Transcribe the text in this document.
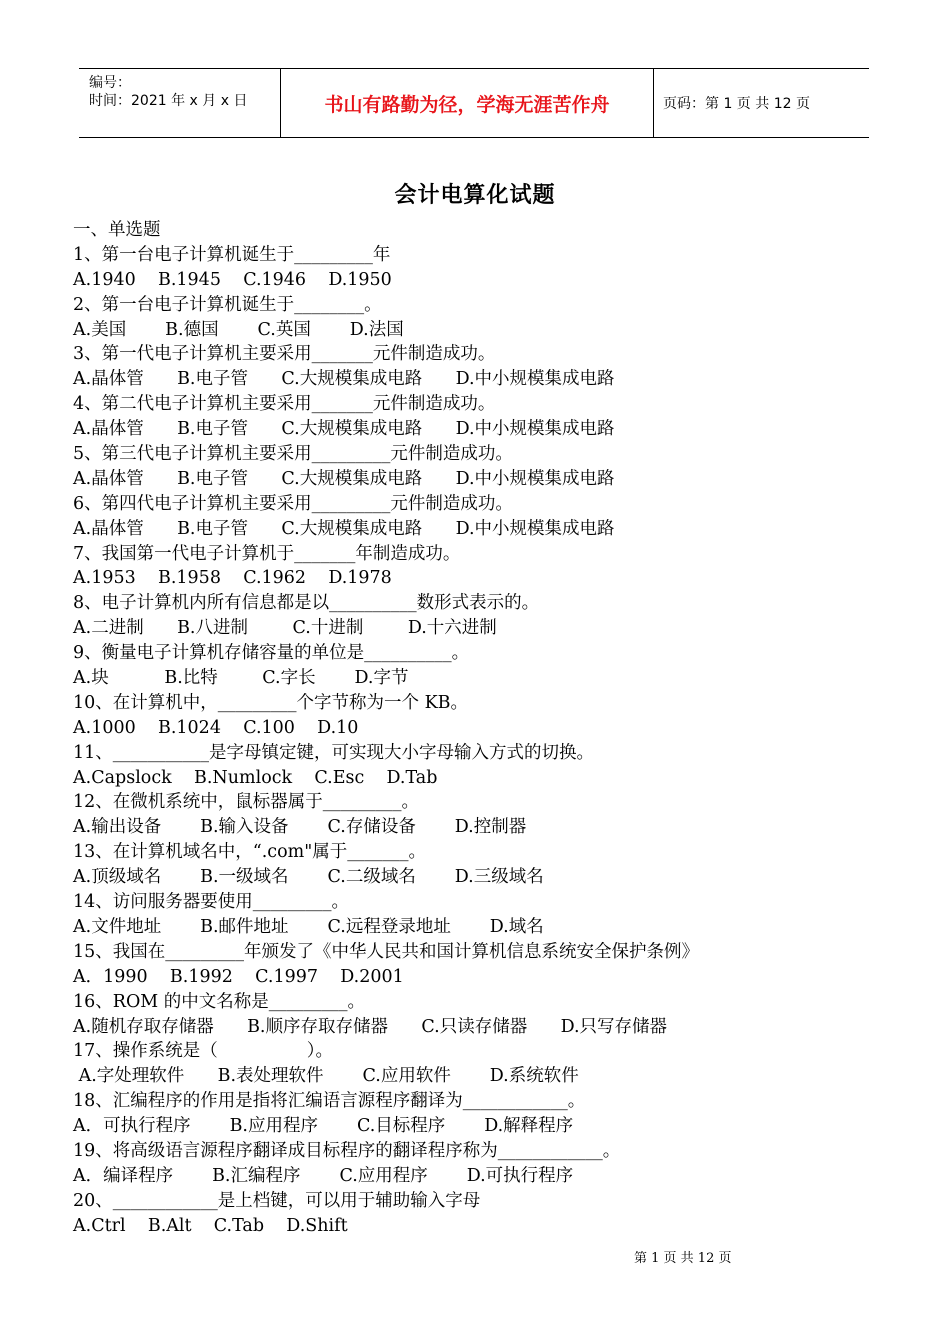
编号：
时间：2021 年 x 月 x 日	书山有路勤为径，学海无涯苦作舟	页码：第 1 页 共 12 页
会计电算化试题
一、单选题
1、第一台电子计算机诞生于_________年
A.1940    B.1945    C.1946    D.1950
2、第一台电子计算机诞生于________。
A.美国       B.德国       C.英国       D.法国
3、第一代电子计算机主要采用_______元件制造成功。
A.晶体管      B.电子管      C.大规模集成电路      D.中小规模集成电路
4、第二代电子计算机主要采用_______元件制造成功。
A.晶体管      B.电子管      C.大规模集成电路      D.中小规模集成电路
5、第三代电子计算机主要采用_________元件制造成功。
A.晶体管      B.电子管      C.大规模集成电路      D.中小规模集成电路
6、第四代电子计算机主要采用_________元件制造成功。
A.晶体管      B.电子管      C.大规模集成电路      D.中小规模集成电路
7、我国第一代电子计算机于_______年制造成功。
A.1953    B.1958    C.1962    D.1978
8、电子计算机内所有信息都是以__________数形式表示的。
A.二进制      B.八进制        C.十进制        D.十六进制
9、衡量电子计算机存储容量的单位是__________。
A.块          B.比特        C.字长       D.字节
10、在计算机中，_________个字节称为一个 KB。
A.1000    B.1024    C.100    D.10
11、___________是字母镇定键，可实现大小字母输入方式的切换。
A.Capslock    B.Numlock    C.Esc    D.Tab
12、在微机系统中，鼠标器属于_________。
A.输出设备       B.输入设备       C.存储设备       D.控制器
13、在计算机域名中，“.com"属于_______。
A.顶级域名       B.一级域名       C.二级域名       D.三级域名
14、访问服务器要使用_________。
A.文件地址       B.邮件地址       C.远程登录地址       D.域名
15、我国在_________年颁发了《中华人民共和国计算机信息系统安全保护条例》
A．1990    B.1992    C.1997    D.2001
16、ROM 的中文名称是_________。
A.随机存取存储器      B.顺序存取存储器      C.只读存储器      D.只写存储器
17、操作系统是（                ）。
A.字处理软件      B.表处理软件       C.应用软件       D.系统软件
18、汇编程序的作用是指将汇编语言源程序翻译为____________。
A．可执行程序       B.应用程序       C.目标程序       D.解释程序
19、将高级语言源程序翻译成目标程序的翻译程序称为____________。
A．编译程序       B.汇编程序       C.应用程序       D.可执行程序
20、____________是上档键，可以用于辅助输入字母
A.Ctrl    B.Alt    C.Tab    D.Shift
第 1 页 共 12 页
